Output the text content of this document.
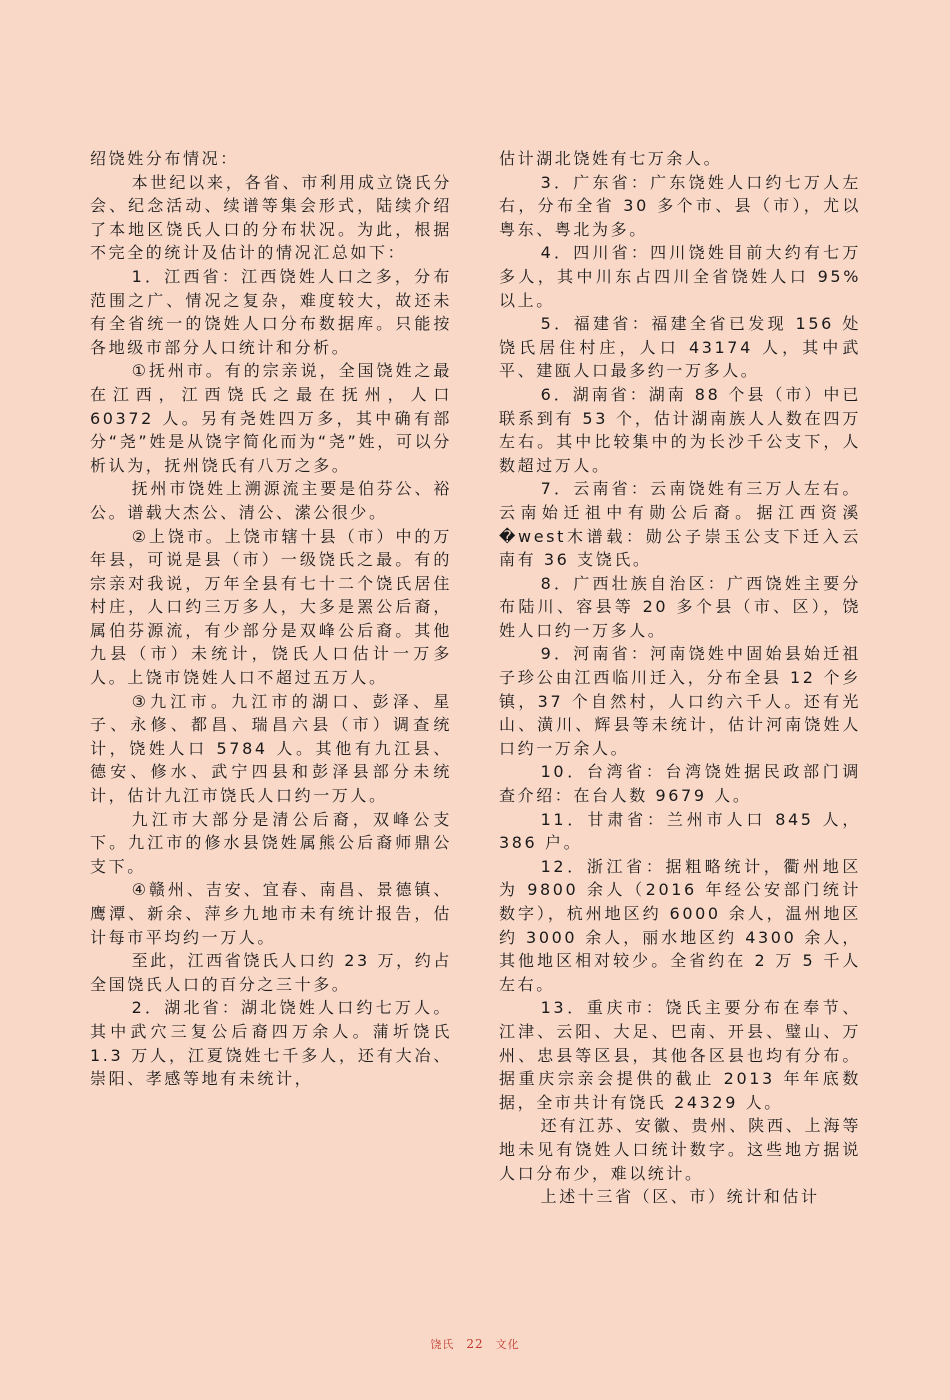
绍饶姓分布情况：

本世纪以来，各省、市利用成立饶氏分会、纪念活动、续谱等集会形式，陆续介绍了本地区饶氏人口的分布状况。为此，根据不完全的统计及估计的情况汇总如下：

1．江西省：江西饶姓人口之多，分布范围之广、情况之复杂，难度较大，故还未有全省统一的饶姓人口分布数据库。只能按各地级市部分人口统计和分析。

①抚州市。有的宗亲说，全国饶姓之最在江西，江西饶氏之最在抚州，人口 60372 人。另有尧姓四万多，其中确有部分“尧”姓是从饶字简化而为“尧”姓，可以分析认为，抚州饶氏有八万之多。

抚州市饶姓上溯源流主要是伯芬公、裕公。谱载大杰公、清公、潆公很少。

②上饶市。上饶市辖十县（市）中的万年县，可说是县（市）一级饶氏之最。有的宗亲对我说，万年全县有七十二个饶氏居住村庄，人口约三万多人，大多是罴公后裔，属伯芬源流，有少部分是双峰公后裔。其他九县（市）未统计，饶氏人口估计一万多人。上饶市饶姓人口不超过五万人。

③九江市。九江市的湖口、彭泽、星子、永修、都昌、瑞昌六县（市）调查统计，饶姓人口 5784 人。其他有九江县、德安、修水、武宁四县和彭泽县部分未统计，估计九江市饶氏人口约一万人。

九江市大部分是清公后裔，双峰公支下。九江市的修水县饶姓属熊公后裔师鼎公支下。

④赣州、吉安、宜春、南昌、景德镇、鹰潭、新余、萍乡九地市未有统计报告，估计每市平均约一万人。

至此，江西省饶氏人口约 23 万，约占全国饶氏人口的百分之三十多。

2．湖北省：湖北饶姓人口约七万人。其中武穴三复公后裔四万余人。蒲圻饶氏 1.3 万人，江夏饶姓七千多人，还有大冶、崇阳、孝感等地有未统计，

估计湖北饶姓有七万余人。

3．广东省：广东饶姓人口约七万人左右，分布全省 30 多个市、县（市），尤以粤东、粤北为多。

4．四川省：四川饶姓目前大约有七万多人，其中川东占四川全省饶姓人口 95% 以上。

5．福建省：福建全省已发现 156 处饶氏居住村庄，人口 43174 人，其中武平、建瓯人口最多约一万多人。

6．湖南省：湖南 88 个县（市）中已联系到有 53 个，估计湖南族人人数在四万左右。其中比较集中的为长沙千公支下，人数超过万人。

7．云南省：云南饶姓有三万人左右。云南始迁祖中有勋公后裔。据江西资溪�west木谱载：勋公子崇玉公支下迁入云南有 36 支饶氏。

8．广西壮族自治区：广西饶姓主要分布陆川、容县等 20 多个县（市、区），饶姓人口约一万多人。

9．河南省：河南饶姓中固始县始迁祖子珍公由江西临川迁入，分布全县 12 个乡镇，37 个自然村，人口约六千人。还有光山、潢川、辉县等未统计，估计河南饶姓人口约一万余人。

10．台湾省：台湾饶姓据民政部门调查介绍：在台人数 9679 人。

11．甘肃省：兰州市人口 845 人，386 户。

12．浙江省：据粗略统计，衢州地区为 9800 余人（2016 年经公安部门统计数字），杭州地区约 6000 余人，温州地区约 3000 余人，丽水地区约 4300 余人，其他地区相对较少。全省约在 2 万 5 千人左右。

13．重庆市：饶氏主要分布在奉节、江津、云阳、大足、巴南、开县、璧山、万州、忠县等区县，其他各区县也均有分布。据重庆宗亲会提供的截止 2013 年年底数据，全市共计有饶氏 24329 人。

还有江苏、安徽、贵州、陕西、上海等地未见有饶姓人口统计数字。这些地方据说人口分布少，难以统计。

上述十三省（区、市）统计和估计

饶氏 22 文化
